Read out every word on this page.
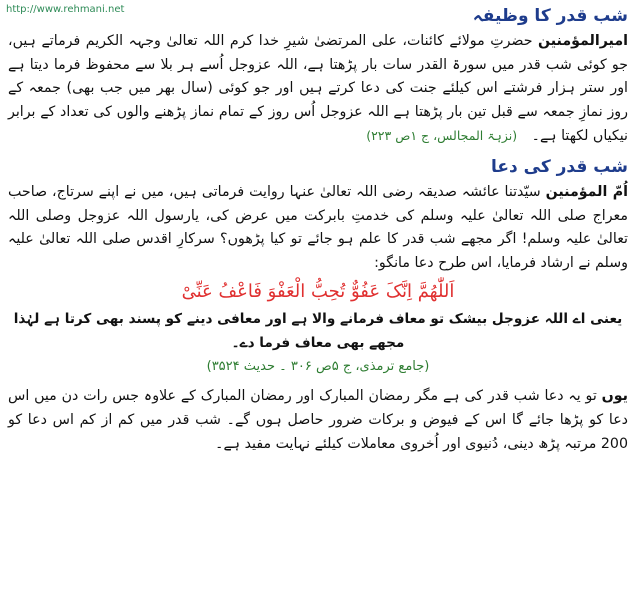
http://www.rehmani.net	شب قدر کا وظیفہ

امیرالمؤمنین حضرتِ مولائے کائنات، علی المرتضیٰ شیرِ خدا کرم اللہ تعالیٰ وجہہ الکریم فرماتے ہیں، جو کوئی شب قدر میں سورۃ القدر سات بار پڑھتا ہے، اللہ عزوجل اُسے ہر بلا سے محفوظ فرما دیتا ہے اور ستر ہزار فرشتے اس کیلئے جنت کی دعا کرتے ہیں اور جو کوئی (سال بھر میں جب بھی) جمعہ کے روز نمازِ جمعہ سے قبل تین بار پڑھتا ہے اللہ عزوجل اُس روز کے تمام نماز پڑھنے والوں کی تعداد کے برابر نیکیاں لکھتا ہے۔ (نزہۃ المجالس، ج ۱ص ۲۲۳)

شب قدر کی دعا

اُمّ المؤمنین سیّدتنا عائشہ صدیقہ رضی اللہ تعالیٰ عنہا روایت فرماتی ہیں، میں نے اپنے سرتاج، صاحب معراج صلی اللہ تعالیٰ علیہ وسلم کی خدمتِ بابرکت میں عرض کی، یارسول اللہ عزوجل وصلی اللہ تعالیٰ علیہ وسلم! اگر مجھے شب قدر کا علم ہو جائے تو کیا پڑھوں؟ سرکارِ اقدس صلی اللہ تعالیٰ علیہ وسلم نے ارشاد فرمایا، اس طرح دعا مانگو:

اَللّٰھُمَّ اِنَّکَ عَفُوٌّ تُحِبُّ الْعَفْوَ فَاعْفُ عَنِّیْ

یعنی اے اللہ عزوجل بیشک تو معاف فرمانے والا ہے اور معافی دینے کو پسند بھی کرتا ہے لہٰذا مجھے بھی معاف فرما دے۔

(جامع ترمذی، ج ۵ص ۳۰۶ ۔ حدیث ۳۵۲۴)

یوں تو یہ دعا شب قدر کی ہے مگر رمضان المبارک اور رمضان المبارک کے علاوہ جس رات دن میں اس دعا کو پڑھا جائے گا اس کے فیوض و برکات ضرور حاصل ہوں گے۔ شب قدر میں کم از کم اس دعا کو 200 مرتبہ پڑھ دینی، دُنیوی اور اُخروی معاملات کیلئے نہایت مفید ہے۔
